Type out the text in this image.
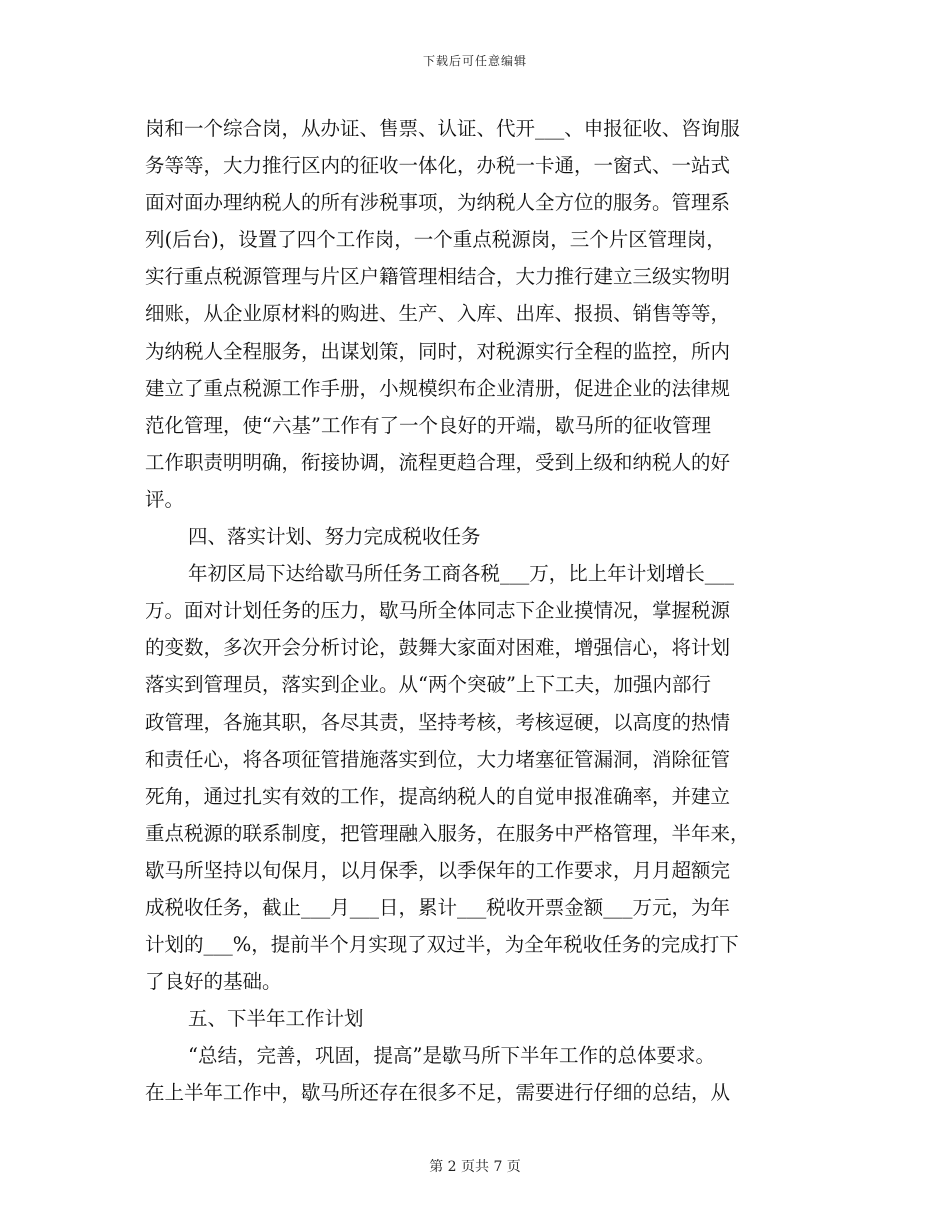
下载后可任意编辑
岗和一个综合岗，从办证、售票、认证、代开___、申报征收、咨询服
务等等，大力推行区内的征收一体化，办税一卡通，一窗式、一站式
面对面办理纳税人的所有涉税事项，为纳税人全方位的服务。管理系
列(后台)，设置了四个工作岗，一个重点税源岗，三个片区管理岗，
实行重点税源管理与片区户籍管理相结合，大力推行建立三级实物明
细账，从企业原材料的购进、生产、入库、出库、报损、销售等等，
为纳税人全程服务，出谋划策，同时，对税源实行全程的监控，所内
建立了重点税源工作手册，小规模织布企业清册，促进企业的法律规
范化管理，使“六基”工作有了一个良好的开端，歇马所的征收管理
工作职责明明确，衔接协调，流程更趋合理，受到上级和纳税人的好
评。
四、落实计划、努力完成税收任务
年初区局下达给歇马所任务工商各税___万，比上年计划增长___
万。面对计划任务的压力，歇马所全体同志下企业摸情况，掌握税源
的变数，多次开会分析讨论，鼓舞大家面对困难，增强信心，将计划
落实到管理员，落实到企业。从“两个突破”上下工夫，加强内部行
政管理，各施其职，各尽其责，坚持考核，考核逗硬，以高度的热情
和责任心，将各项征管措施落实到位，大力堵塞征管漏洞，消除征管
死角，通过扎实有效的工作，提高纳税人的自觉申报准确率，并建立
重点税源的联系制度，把管理融入服务，在服务中严格管理，半年来，
歇马所坚持以旬保月，以月保季，以季保年的工作要求，月月超额完
成税收任务，截止___月___日，累计___税收开票金额___万元，为年
计划的___%，提前半个月实现了双过半，为全年税收任务的完成打下
了良好的基础。
五、下半年工作计划
“总结，完善，巩固，提高”是歇马所下半年工作的总体要求。
在上半年工作中，歇马所还存在很多不足，需要进行仔细的总结，从
第 2 页共 7 页
